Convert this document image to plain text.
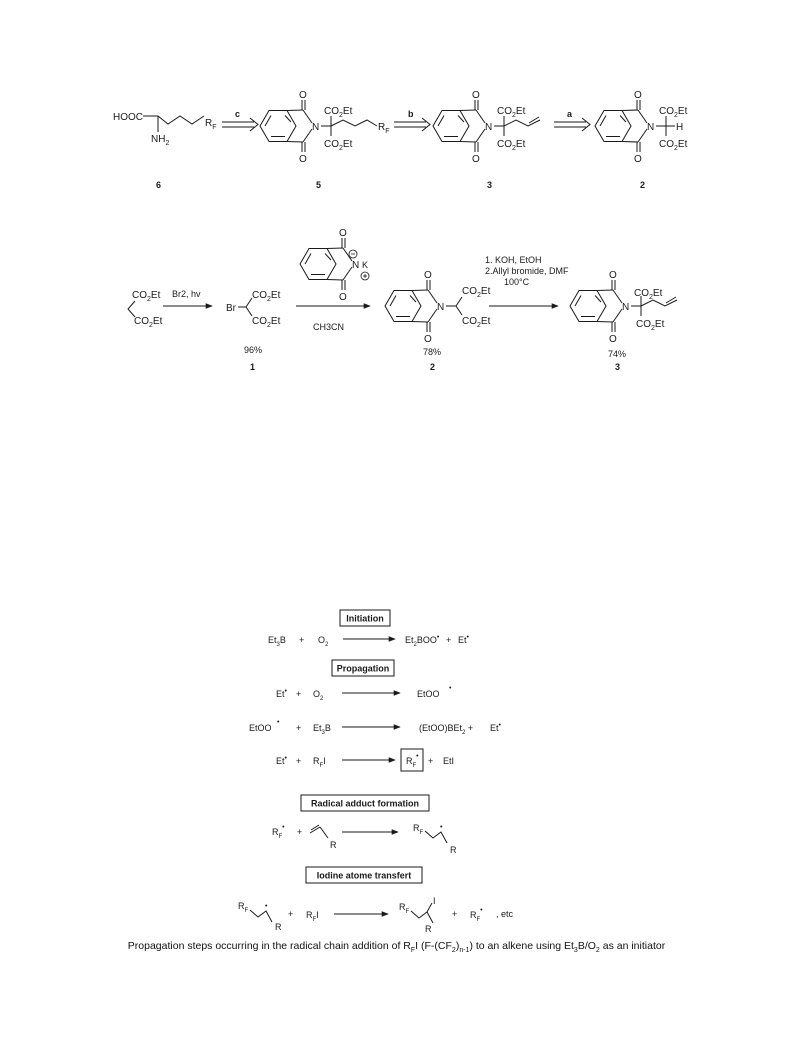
HOOC
$NH_2$
$R_F$
6
c
O
O
N
$CO_2Et$
$CO_2Et$
$R_F$
5
b
O
O
N
$CO_2Et$
$CO_2Et$
3
a
O
O
N H
$CO_2Et$
$CO_2Et$
2
$CO_2Et$
$CO_2Et$
Br2, hv
Br
$CO_2Et$
$CO_2Et$
96%
1
O
O
N K
CH3CN
O
O
N
$CO_2Et$
$CO_2Et$
78%
2
1. KOH, EtOH
2.Allyl bromide, DMF
100°C
O
O
N
$CO_2Et$
$CO_2Et$
74%
3
Initiation
$Et_3B + O_2$	$Et_2BOO^• + Et^•$
Propagation
$Et^• + O_2$	EtOO
•
EtOO
•
+ $Et_3B$	(EtOO)BEt$_2$ + Et•
$Et^• + R_FI$	$R_F^•$ + EtI
Radical adduct formation
$R_F^•$ +
R
$R_F$
•
R
Iodine atome transfert
$R_F$
•
R
+ $R_FI$
$R_F$
I
R
+ $R_F^•$ , etc
Propagation steps occurring in the radical chain addition of $R_FI$ $(F-(CF_2)_{n-1})$ to an alkene using $Et_3B/O_2$ as an initiator
